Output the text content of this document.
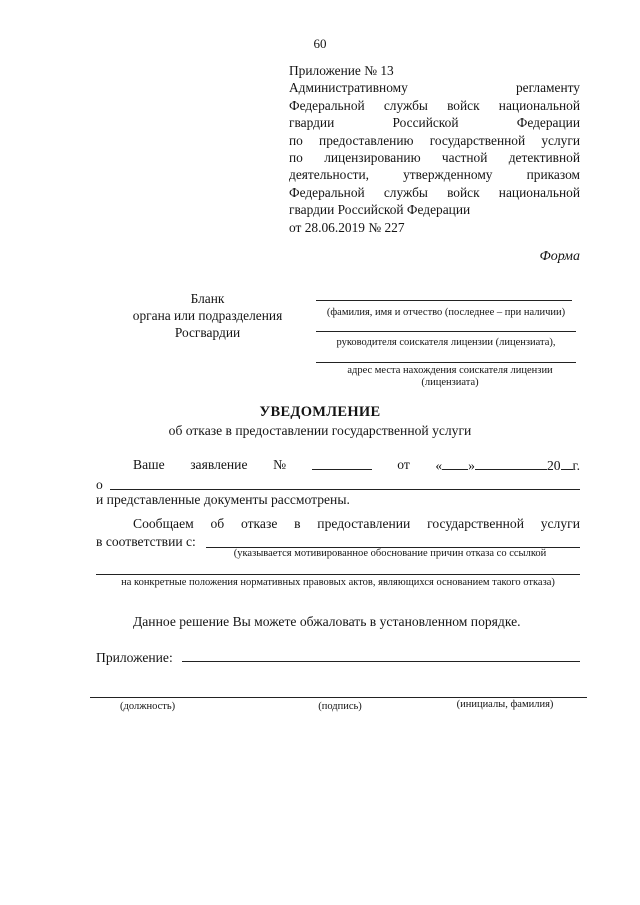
60
Приложение № 13
Административному регламенту
Федеральной службы войск национальной
гвардии Российской Федерации
по предоставлению государственной услуги
по лицензированию частной детективной
деятельности, утвержденному приказом
Федеральной службы войск национальной
гвардии Российской Федерации
от 28.06.2019 № 227
Форма
Бланк
органа или подразделения
Росгвардии
(фамилия, имя и отчество (последнее – при наличии)
руководителя соискателя лицензии (лицензиата),
адрес места нахождения соискателя лицензии
(лицензиата)
УВЕДОМЛЕНИЕ
об отказе в предоставлении государственной услуги
Ваше заявление №	от « »	20 г.
о
и представленные документы рассмотрены.
Сообщаем об отказе в предоставлении государственной услуги
в соответствии с:
(указывается мотивированное обоснование причин отказа со ссылкой
на конкретные положения нормативных правовых актов, являющихся основанием такого отказа)
Данное решение Вы можете обжаловать в установленном порядке.
Приложение:
(должность)	(подпись)	(инициалы, фамилия)
